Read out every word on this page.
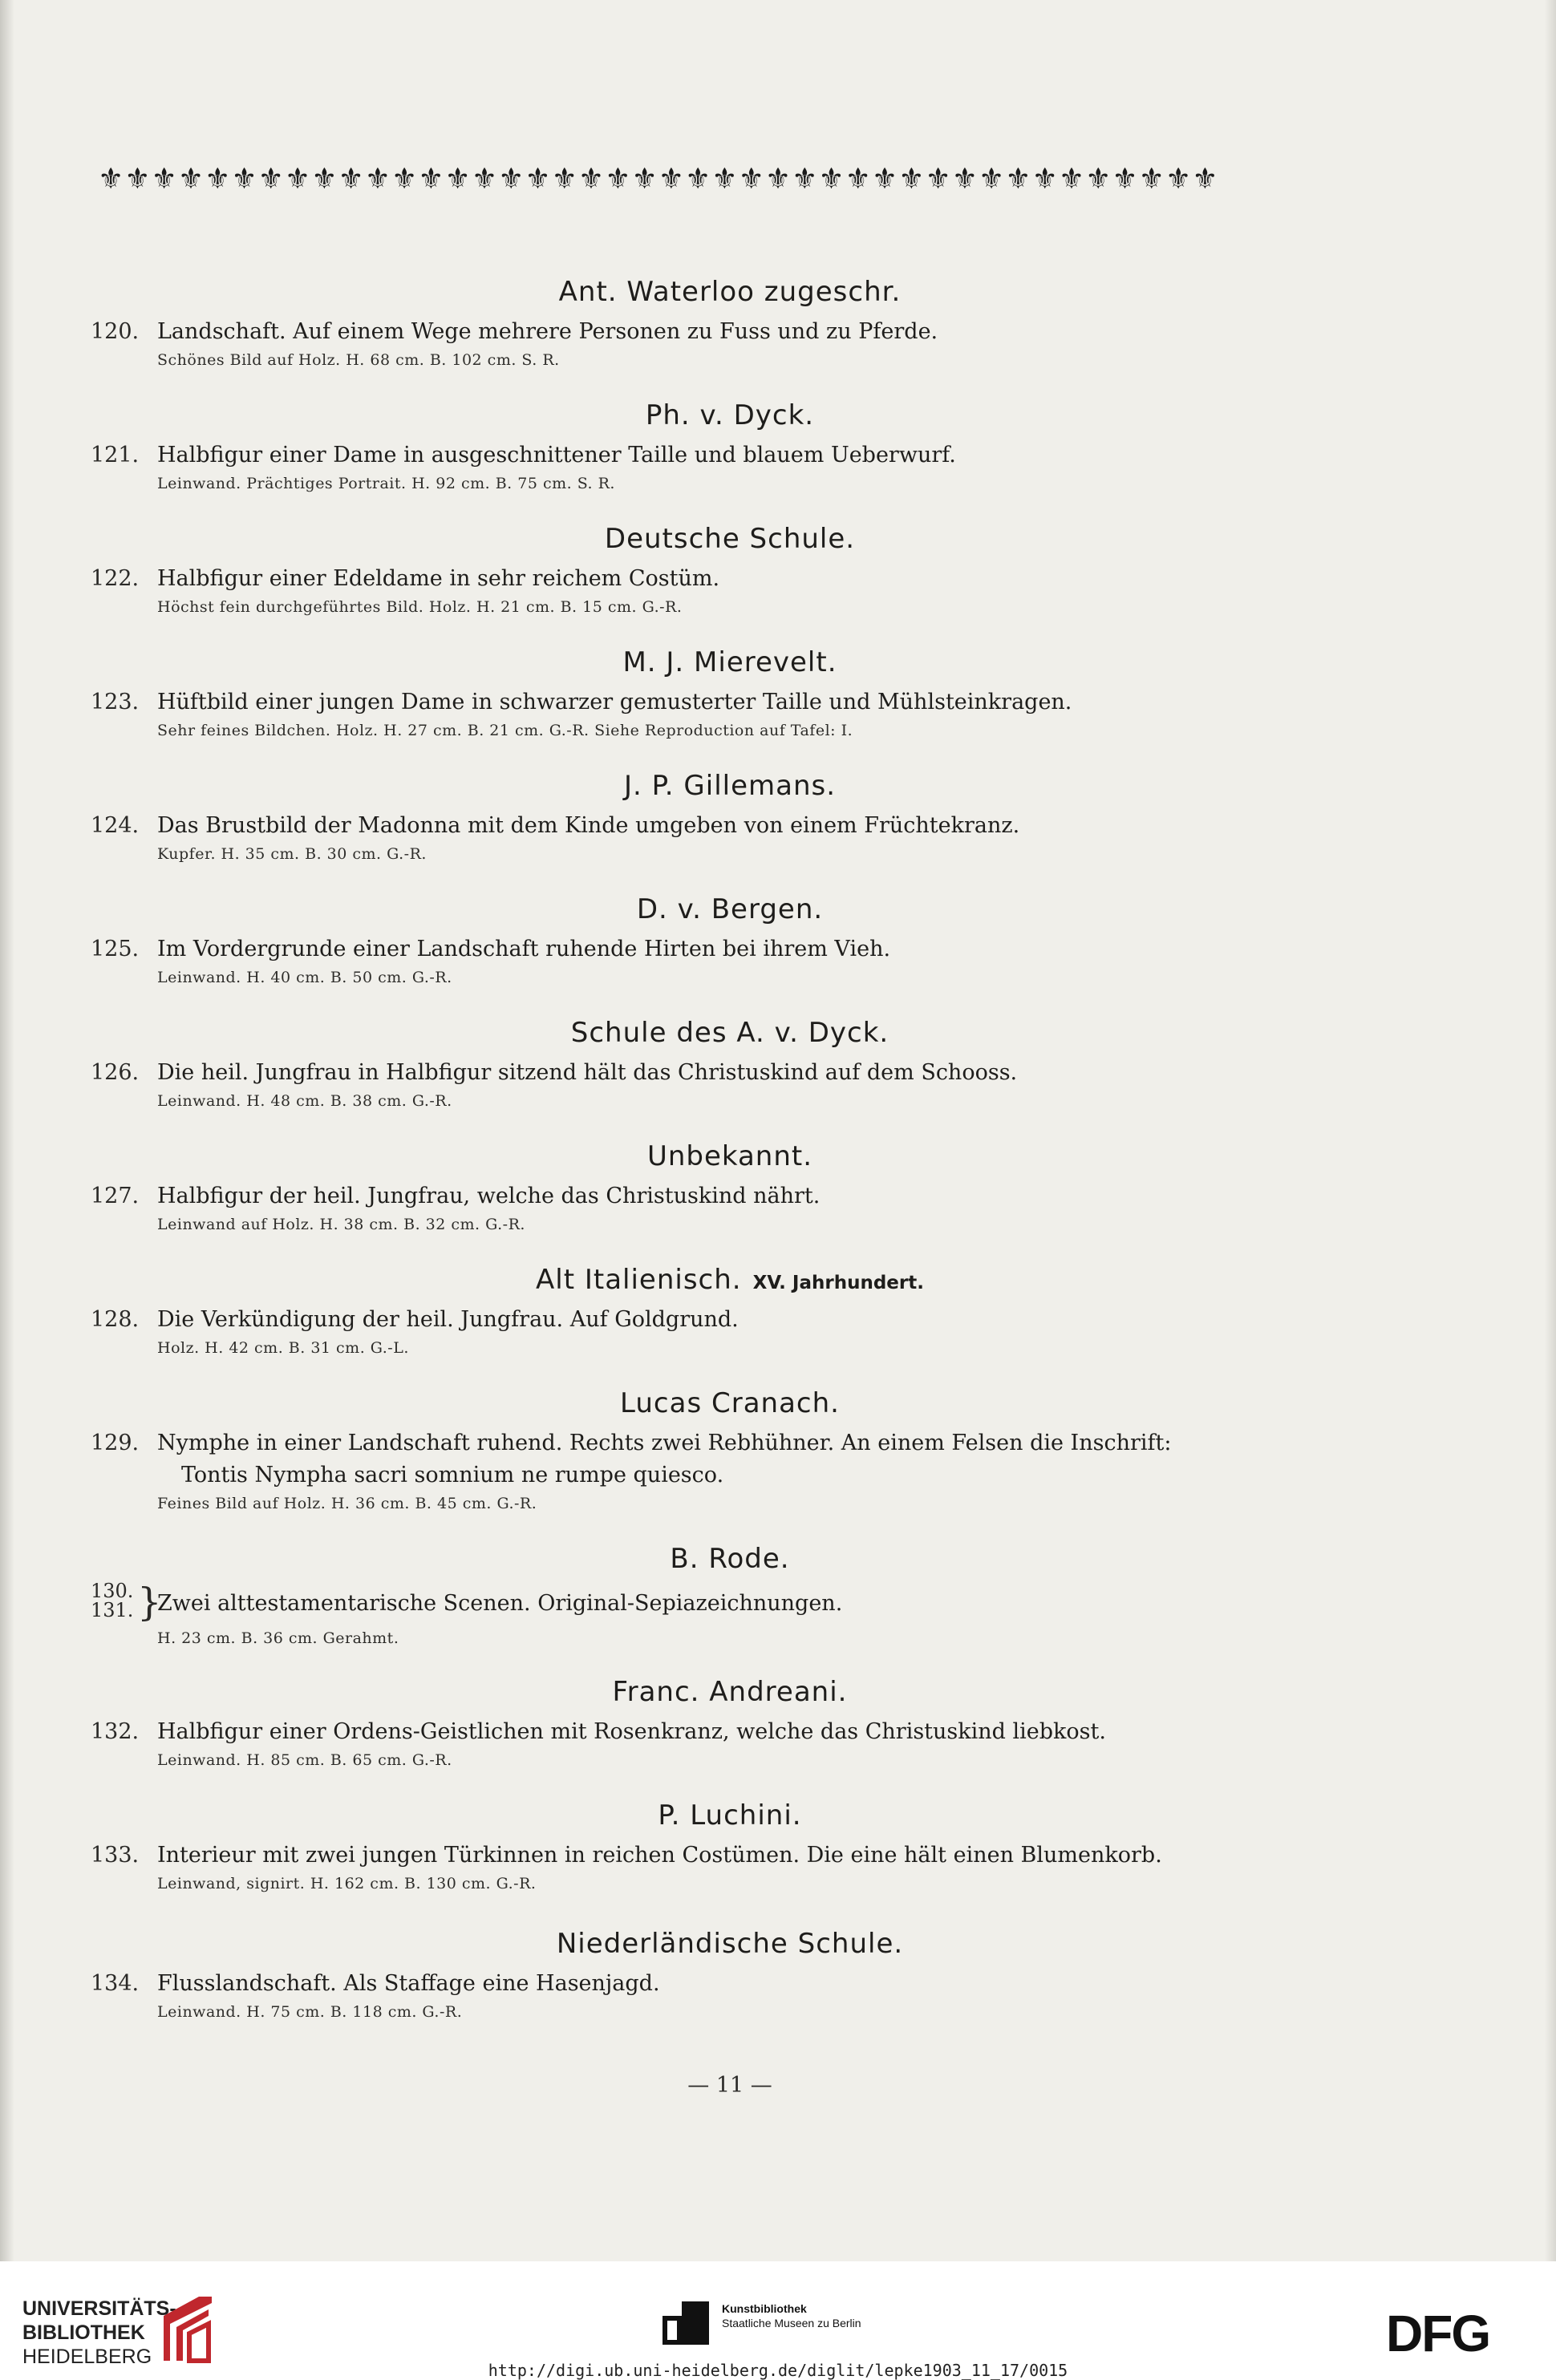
⚜⚜⚜⚜⚜⚜⚜⚜⚜⚜⚜⚜⚜⚜⚜⚜⚜⚜⚜⚜⚜⚜⚜⚜⚜⚜⚜⚜⚜⚜⚜⚜⚜⚜⚜⚜⚜⚜⚜⚜⚜⚜
Ant. Waterloo zugeschr.
120. Landschaft. Auf einem Wege mehrere Personen zu Fuss und zu Pferde.
Schönes Bild auf Holz. H. 68 cm. B. 102 cm. S. R.
Ph. v. Dyck.
121. Halbfigur einer Dame in ausgeschnittener Taille und blauem Ueberwurf.
Leinwand. Prächtiges Portrait. H. 92 cm. B. 75 cm. S. R.
Deutsche Schule.
122. Halbfigur einer Edeldame in sehr reichem Costüm.
Höchst fein durchgeführtes Bild. Holz. H. 21 cm. B. 15 cm. G.-R.
M. J. Mierevelt.
123. Hüftbild einer jungen Dame in schwarzer gemusterter Taille und Mühlsteinkragen.
Sehr feines Bildchen. Holz. H. 27 cm. B. 21 cm. G.-R. Siehe Reproduction auf Tafel: I.
J. P. Gillemans.
124. Das Brustbild der Madonna mit dem Kinde umgeben von einem Früchtekranz.
Kupfer. H. 35 cm. B. 30 cm. G.-R.
D. v. Bergen.
125. Im Vordergrunde einer Landschaft ruhende Hirten bei ihrem Vieh.
Leinwand. H. 40 cm. B. 50 cm. G.-R.
Schule des A. v. Dyck.
126. Die heil. Jungfrau in Halbfigur sitzend hält das Christuskind auf dem Schooss.
Leinwand. H. 48 cm. B. 38 cm. G.-R.
Unbekannt.
127. Halbfigur der heil. Jungfrau, welche das Christuskind nährt.
Leinwand auf Holz. H. 38 cm. B. 32 cm. G.-R.
Alt Italienisch. XV. Jahrhundert.
128. Die Verkündigung der heil. Jungfrau. Auf Goldgrund.
Holz. H. 42 cm. B. 31 cm. G.-L.
Lucas Cranach.
129. Nymphe in einer Landschaft ruhend. Rechts zwei Rebhühner. An einem Felsen die Inschrift:
Tontis Nympha sacri somnium ne rumpe quiesco.
Feines Bild auf Holz. H. 36 cm. B. 45 cm. G.-R.
B. Rode.
130.
131. }
Zwei alttestamentarische Scenen. Original-Sepiazeichnungen.
H. 23 cm. B. 36 cm. Gerahmt.
Franc. Andreani.
132. Halbfigur einer Ordens-Geistlichen mit Rosenkranz, welche das Christuskind liebkost.
Leinwand. H. 85 cm. B. 65 cm. G.-R.
P. Luchini.
133. Interieur mit zwei jungen Türkinnen in reichen Costümen. Die eine hält einen Blumenkorb.
Leinwand, signirt. H. 162 cm. B. 130 cm. G.-R.
Niederländische Schule.
134. Flusslandschaft. Als Staffage eine Hasenjagd.
Leinwand. H. 75 cm. B. 118 cm. G.-R.
— 11 —
UNIVERSITÄTS-
BIBLIOTHEK
HEIDELBERG
Kunstbibliothek
Staatliche Museen zu Berlin	DFG
http://digi.ub.uni-heidelberg.de/diglit/lepke1903_11_17/0015
